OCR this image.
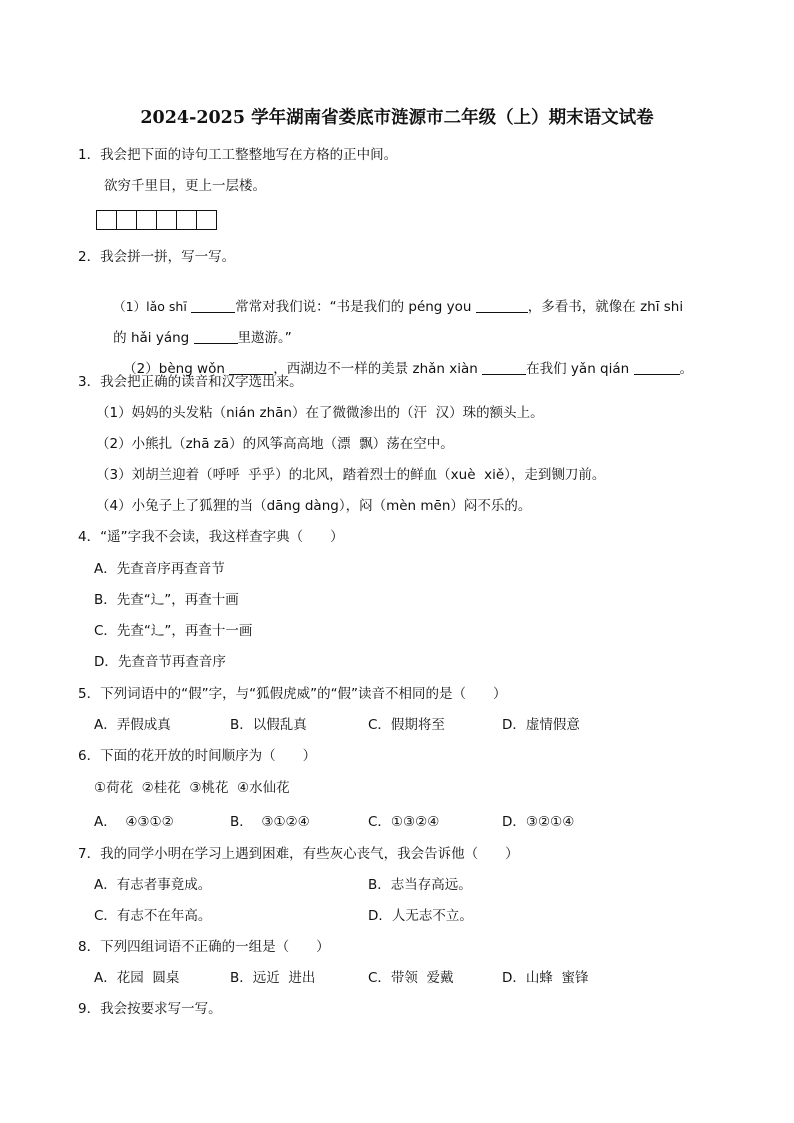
2024-2025 学年湖南省娄底市涟源市二年级（上）期末语文试卷
1．我会把下面的诗句工工整整地写在方格的正中间。
欲穷千里目，更上一层楼。
2．我会拼一拼，写一写。

（1）lǎo shī	常常对我们说：“书是我们的 péng you	，多看书，就像在 zhī shi

的 hǎi yáng	里遨游。”

（2）bèng wǒn	，西湖边不一样的美景 zhǎn xiàn	在我们 yǎn qián	。

3．我会把正确的读音和汉字选出来。
（1）妈妈的头发粘（nián zhān）在了微微渗出的（汗  汉）珠的额头上。
（2）小熊扎（zhā zā）的风筝高高地（漂  飘）荡在空中。
（3）刘胡兰迎着（呼呼  乎乎）的北风，踏着烈士的鲜血（xuè  xiě），走到铡刀前。
（4）小兔子上了狐狸的当（dāng dàng），闷（mèn mēn）闷不乐的。
4．“遥”字我不会读，我这样查字典（　　）
A．先查音序再查音节
B．先查“辶”，再查十画
C．先查“辶”，再查十一画
D．先查音节再查音序
5．下列词语中的“假”字，与“狐假虎威”的“假”读音不相同的是（　　）
A．弄假成真	B．以假乱真	C．假期将至	D．虚情假意
6．下面的花开放的时间顺序为（　　）
①荷花  ②桂花  ③桃花  ④水仙花
A．  ④③①②	B．  ③①②④	C．①③②④	D．③②①④
7．我的同学小明在学习上遇到困难，有些灰心丧气，我会告诉他（　　）
A．有志者事竟成。	B．志当存高远。
C．有志不在年高。	D．人无志不立。
8．下列四组词语不正确的一组是（　　）
A．花园  圆桌	B．远近  进出	C．带领  爱戴	D．山蜂  蜜锋
9．我会按要求写一写。
